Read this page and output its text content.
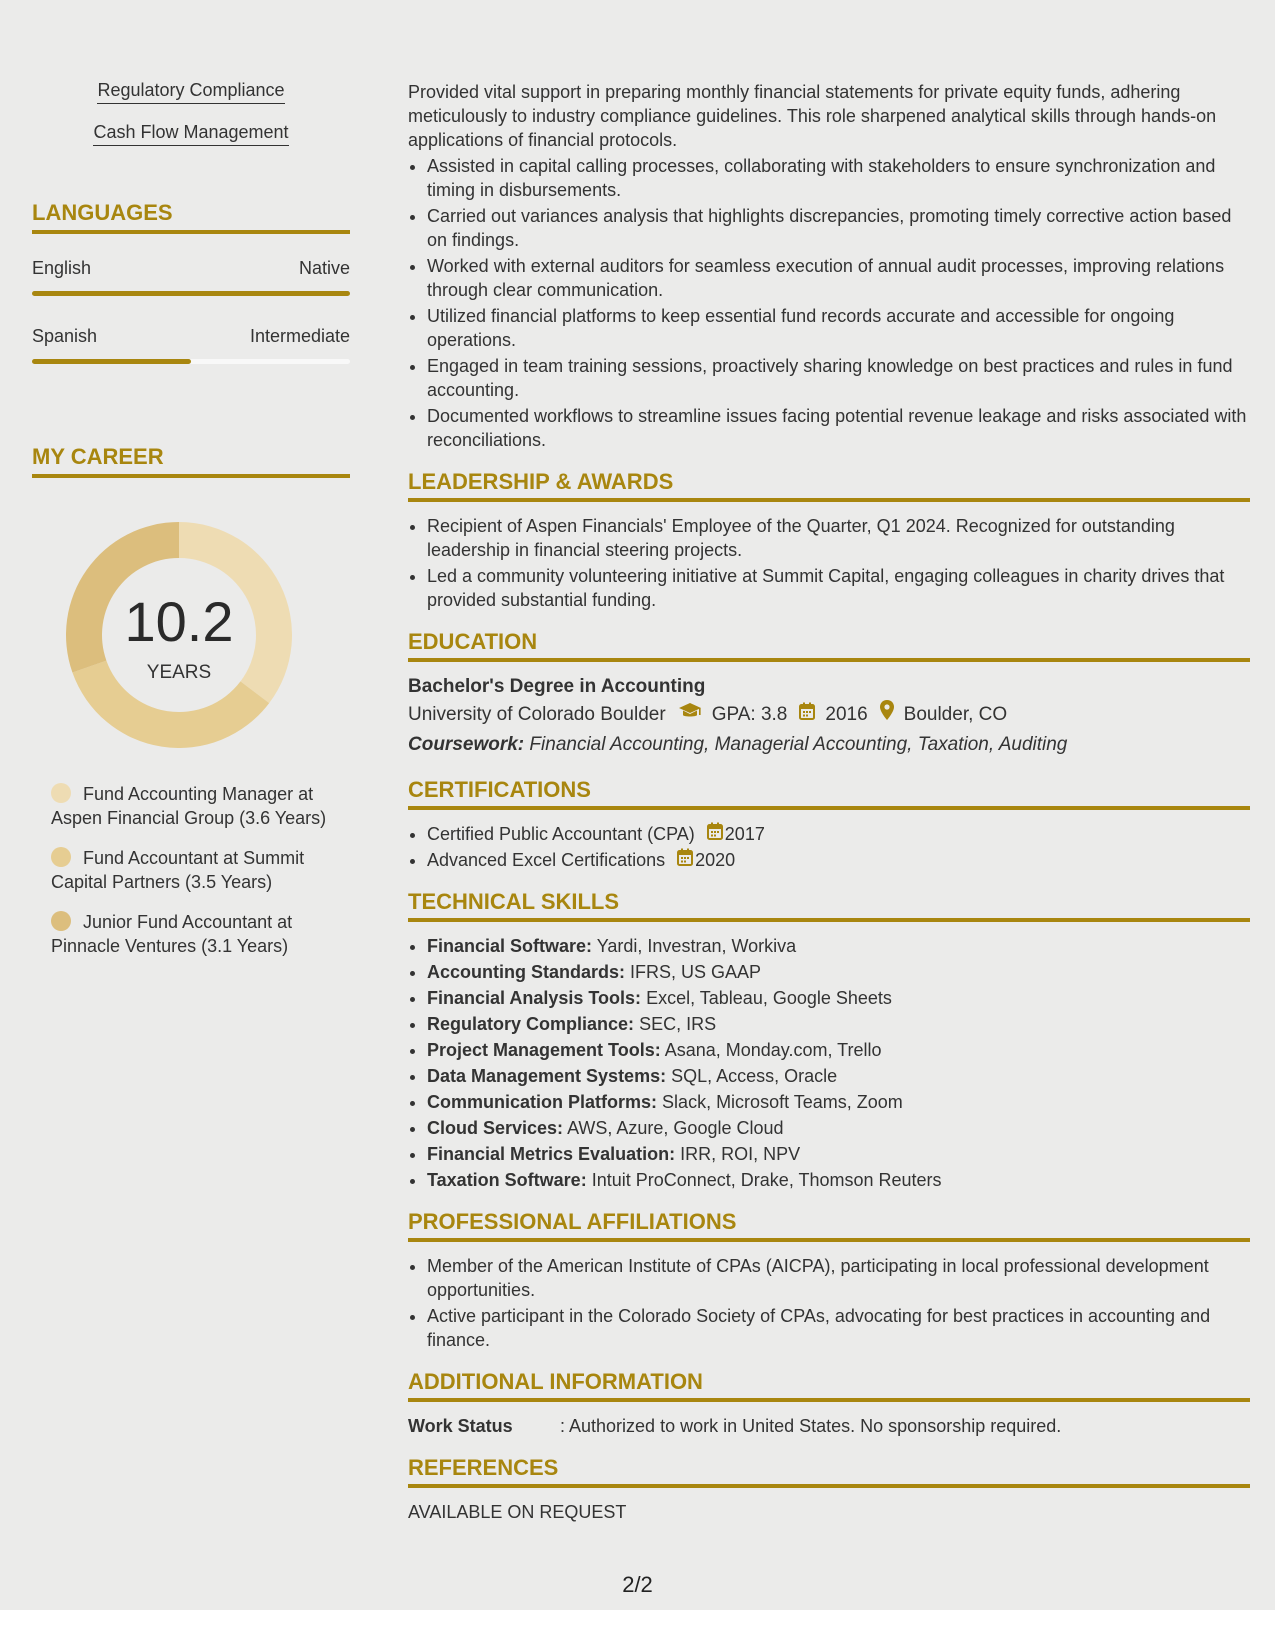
Regulatory Compliance
Cash Flow Management
LANGUAGES
English	Native
Spanish	Intermediate
MY CAREER
10.2
YEARS
Fund Accounting Manager at Aspen Financial Group (3.6 Years)
Fund Accountant at Summit Capital Partners (3.5 Years)
Junior Fund Accountant at Pinnacle Ventures (3.1 Years)

Provided vital support in preparing monthly financial statements for private equity funds, adhering meticulously to industry compliance guidelines. This role sharpened analytical skills through hands-on applications of financial protocols.

• Assisted in capital calling processes, collaborating with stakeholders to ensure synchronization and timing in disbursements.
• Carried out variances analysis that highlights discrepancies, promoting timely corrective action based on findings.
• Worked with external auditors for seamless execution of annual audit processes, improving relations through clear communication.
• Utilized financial platforms to keep essential fund records accurate and accessible for ongoing operations.
• Engaged in team training sessions, proactively sharing knowledge on best practices and rules in fund accounting.
• Documented workflows to streamline issues facing potential revenue leakage and risks associated with reconciliations.
LEADERSHIP & AWARDS
• Recipient of Aspen Financials' Employee of the Quarter, Q1 2024. Recognized for outstanding leadership in financial steering projects.
• Led a community volunteering initiative at Summit Capital, engaging colleagues in charity drives that provided substantial funding.
EDUCATION

Bachelor's Degree in Accounting

University of Colorado Boulder GPA: 3.8 2016 Boulder, CO
Coursework: Financial Accounting, Managerial Accounting, Taxation, Auditing
CERTIFICATIONS
• Certified Public Accountant (CPA) 2017
• Advanced Excel Certifications 2020
TECHNICAL SKILLS
• Financial Software: Yardi, Investran, Workiva
• Accounting Standards: IFRS, US GAAP
• Financial Analysis Tools: Excel, Tableau, Google Sheets
• Regulatory Compliance: SEC, IRS
• Project Management Tools: Asana, Monday.com, Trello
• Data Management Systems: SQL, Access, Oracle
• Communication Platforms: Slack, Microsoft Teams, Zoom
• Cloud Services: AWS, Azure, Google Cloud
• Financial Metrics Evaluation: IRR, ROI, NPV
• Taxation Software: Intuit ProConnect, Drake, Thomson Reuters
PROFESSIONAL AFFILIATIONS
• Member of the American Institute of CPAs (AICPA), participating in local professional development opportunities.
• Active participant in the Colorado Society of CPAs, advocating for best practices in accounting and finance.
ADDITIONAL INFORMATION
Work Status	: Authorized to work in United States. No sponsorship required.
REFERENCES
AVAILABLE ON REQUEST
2/2
